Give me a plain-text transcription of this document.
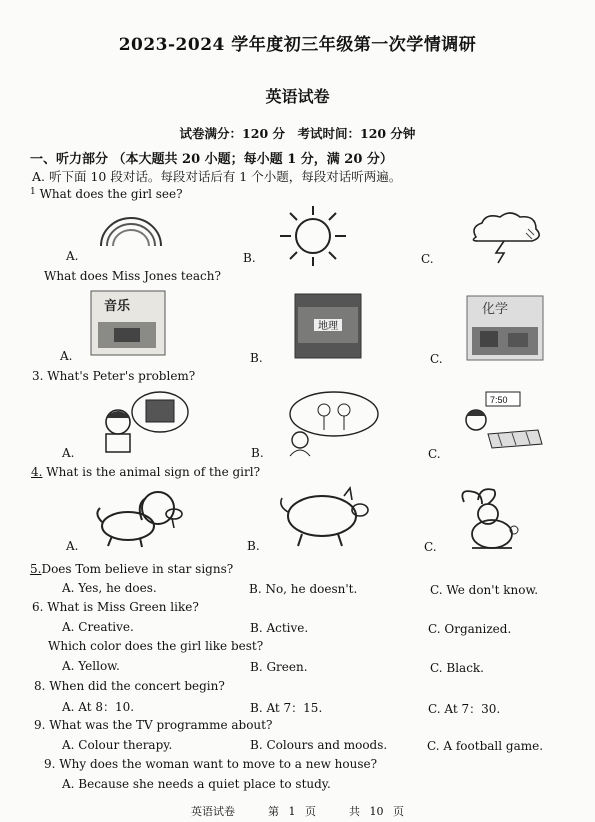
2023-2024 学年度初三年级第一次学情调研
英语试卷
试卷满分：120 分　考试时间：120 分钟
一、听力部分 （本大题共 20 小题；每小题 1 分，满 20 分）
A. 听下面 10 段对话。每段对话后有 1 个小题，每段对话听两遍。
$^1$ What does the girl see?
A.	B.	C.
What does Miss Jones teach?
音乐
地理
化学
A.	B.	C.
3. What's Peter's problem?
7:50
A.	B.	C.
4. What is the animal sign of the girl?
A.	B.	C.
5.Does Tom believe in star signs?
A. Yes, he does.	B. No, he doesn't.	C. We don't know.
6. What is Miss Green like?
A. Creative.	B. Active.	C. Organized.
Which color does the girl like best?
A. Yellow.	B. Green.	C. Black.
8. When did the concert begin?
A. At 8：10.	B. At 7：15.	C. At 7：30.
9. What was the TV programme about?
A. Colour therapy.	B. Colours and moods.	C. A football game.
9. Why does the woman want to move to a new house?
A. Because she needs a quiet place to study.
英语试卷	第 1 页	共 10 页
